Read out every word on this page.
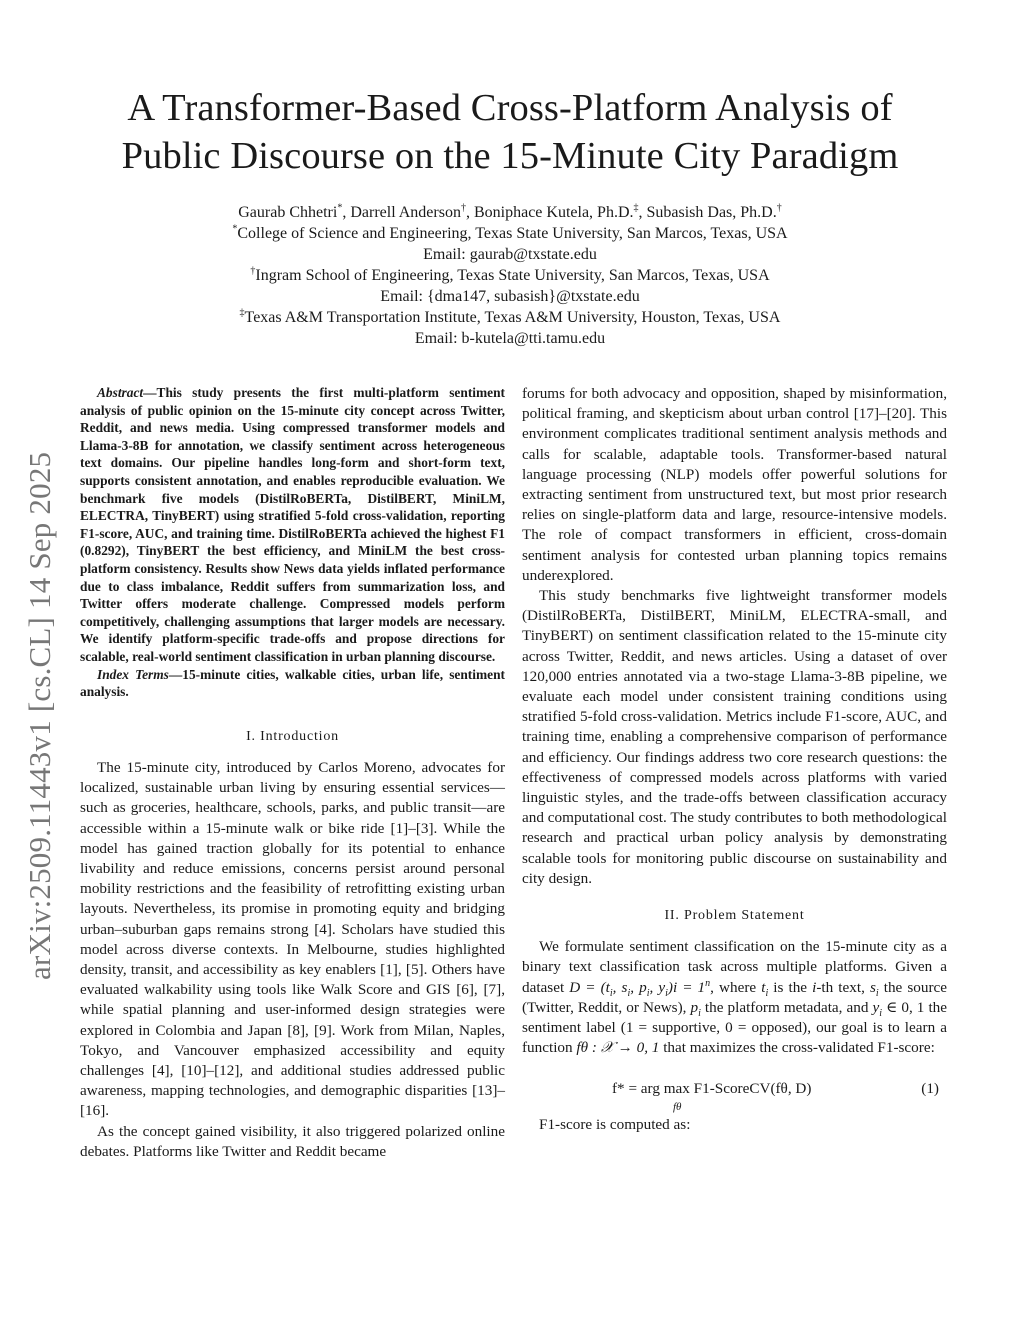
arXiv:2509.11443v1 [cs.CL] 14 Sep 2025
A Transformer-Based Cross-Platform Analysis of
Public Discourse on the 15-Minute City Paradigm
Gaurab Chhetri*, Darrell Anderson†, Boniphace Kutela, Ph.D.‡, Subasish Das, Ph.D.†
*College of Science and Engineering, Texas State University, San Marcos, Texas, USA
Email: gaurab@txstate.edu
†Ingram School of Engineering, Texas State University, San Marcos, Texas, USA
Email: {dma147, subasish}@txstate.edu
‡Texas A&M Transportation Institute, Texas A&M University, Houston, Texas, USA
Email: b-kutela@tti.tamu.edu

Abstract—This study presents the first multi-platform sentiment analysis of public opinion on the 15-minute city concept across Twitter, Reddit, and news media. Using compressed transformer models and Llama-3-8B for annotation, we classify sentiment across heterogeneous text domains. Our pipeline handles long-form and short-form text, supports consistent annotation, and enables reproducible evaluation. We benchmark five models (DistilRoBERTa, DistilBERT, MiniLM, ELECTRA, TinyBERT) using stratified 5-fold cross-validation, reporting F1-score, AUC, and training time. DistilRoBERTa achieved the highest F1 (0.8292), TinyBERT the best efficiency, and MiniLM the best cross-platform consistency. Results show News data yields inflated performance due to class imbalance, Reddit suffers from summarization loss, and Twitter offers moderate challenge. Compressed models perform competitively, challenging assumptions that larger models are necessary. We identify platform-specific trade-offs and propose directions for scalable, real-world sentiment classification in urban planning discourse.

Index Terms—15-minute cities, walkable cities, urban life, sentiment analysis.

I. Introduction

The 15-minute city, introduced by Carlos Moreno, advocates for localized, sustainable urban living by ensuring essential services—such as groceries, healthcare, schools, parks, and public transit—are accessible within a 15-minute walk or bike ride [1]–[3]. While the model has gained traction globally for its potential to enhance livability and reduce emissions, concerns persist around personal mobility restrictions and the feasibility of retrofitting existing urban layouts. Nevertheless, its promise in promoting equity and bridging urban–suburban gaps remains strong [4]. Scholars have studied this model across diverse contexts. In Melbourne, studies highlighted density, transit, and accessibility as key enablers [1], [5]. Others have evaluated walkability using tools like Walk Score and GIS [6], [7], while spatial planning and user-informed design strategies were explored in Colombia and Japan [8], [9]. Work from Milan, Naples, Tokyo, and Vancouver emphasized accessibility and equity challenges [4], [10]–[12], and additional studies addressed public awareness, mapping technologies, and demographic disparities [13]–[16].

As the concept gained visibility, it also triggered polarized online debates. Platforms like Twitter and Reddit became

forums for both advocacy and opposition, shaped by misinformation, political framing, and skepticism about urban control [17]–[20]. This environment complicates traditional sentiment analysis methods and calls for scalable, adaptable tools. Transformer-based natural language processing (NLP) models offer powerful solutions for extracting sentiment from unstructured text, but most prior research relies on single-platform data and large, resource-intensive models. The role of compact transformers in efficient, cross-domain sentiment analysis for contested urban planning topics remains underexplored.

This study benchmarks five lightweight transformer models (DistilRoBERTa, DistilBERT, MiniLM, ELECTRA-small, and TinyBERT) on sentiment classification related to the 15-minute city across Twitter, Reddit, and news articles. Using a dataset of over 120,000 entries annotated via a two-stage Llama-3-8B pipeline, we evaluate each model under consistent training conditions using stratified 5-fold cross-validation. Metrics include F1-score, AUC, and training time, enabling a comprehensive comparison of performance and efficiency. Our findings address two core research questions: the effectiveness of compressed models across platforms with varied linguistic styles, and the trade-offs between classification accuracy and computational cost. The study contributes to both methodological research and practical urban policy analysis by demonstrating scalable tools for monitoring public discourse on sustainability and city design.

II. Problem Statement

We formulate sentiment classification on the 15-minute city as a binary text classification task across multiple platforms. Given a dataset $D = (t_i$, $s_i$, $p_i$, $y_i)i = 1^n$, where $t_i$ is the i-th text, $s_i$ the source (Twitter, Reddit, or News), $p_i$ the platform metadata, and $y_i$ ∈ 0, 1 the sentiment label (1 = supportive, 0 = opposed), our goal is to learn a function fθ : 𝒳 → 0, 1 that maximizes the cross-validated F1-score:

f* = arg max F1-ScoreCV(fθ, D)
fθ
(1)

F1-score is computed as:
